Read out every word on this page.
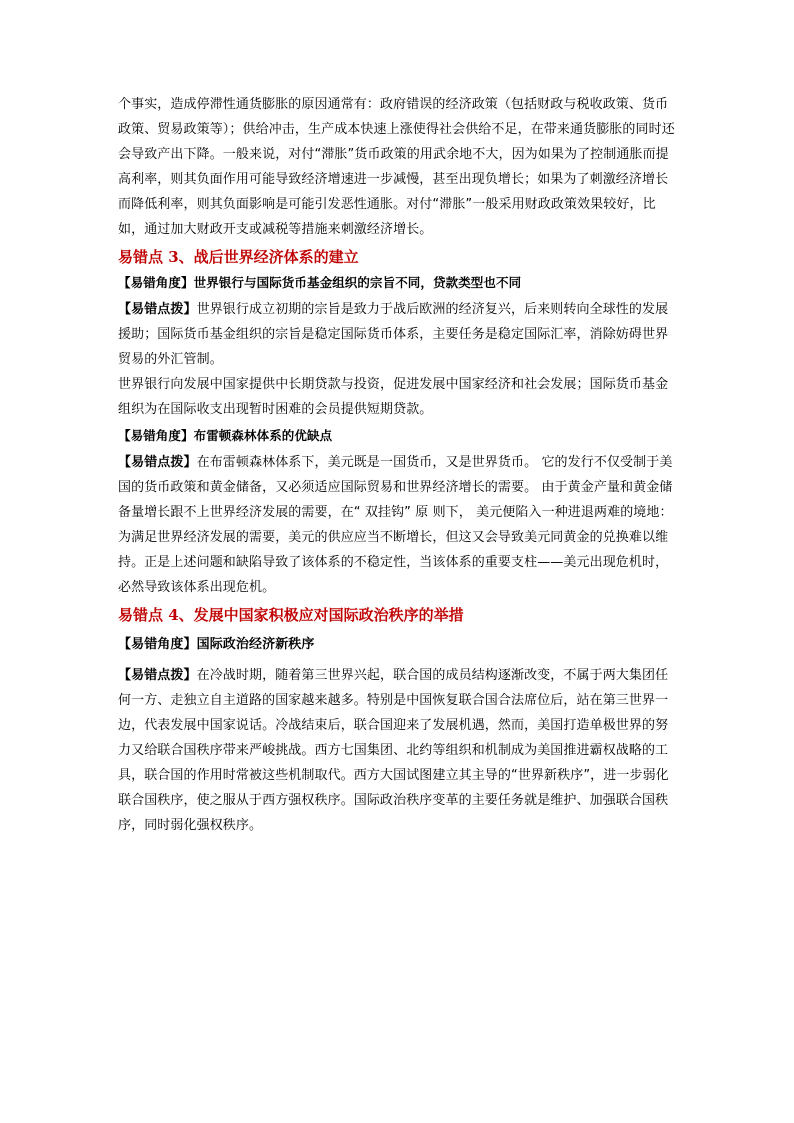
个事实，造成停滞性通货膨胀的原因通常有：政府错误的经济政策（包括财政与税收政策、货币政策、贸易政策等）；供给冲击，生产成本快速上涨使得社会供给不足，在带来通货膨胀的同时还会导致产出下降。一般来说，对付“滞胀”货币政策的用武余地不大，因为如果为了控制通胀而提高利率，则其负面作用可能导致经济增速进一步减慢，甚至出现负增长；如果为了刺激经济增长而降低利率，则其负面影响是可能引发恶性通胀。对付“滞胀”一般采用财政政策效果较好，比如，通过加大财政开支或减税等措施来刺激经济增长。

易错点 3、战后世界经济体系的建立

【易错角度】世界银行与国际货币基金组织的宗旨不同，贷款类型也不同

【易错点拨】世界银行成立初期的宗旨是致力于战后欧洲的经济复兴，后来则转向全球性的发展援助；国际货币基金组织的宗旨是稳定国际货币体系，主要任务是稳定国际汇率，消除妨碍世界贸易的外汇管制。

世界银行向发展中国家提供中长期贷款与投资，促进发展中国家经济和社会发展；国际货币基金组织为在国际收支出现暂时困难的会员提供短期贷款。

【易错角度】布雷顿森林体系的优缺点

【易错点拨】在布雷顿森林体系下，美元既是一国货币，又是世界货币。 它的发行不仅受制于美国的货币政策和黄金储备，又必须适应国际贸易和世界经济增长的需要。 由于黄金产量和黄金储备量增长跟不上世界经济发展的需要，在“ 双挂钩” 原 则下， 美元便陷入一种进退两难的境地：为满足世界经济发展的需要，美元的供应应当不断增长，但这又会导致美元同黄金的兑换难以维持。正是上述问题和缺陷导致了该体系的不稳定性，当该体系的重要支柱——美元出现危机时，必然导致该体系出现危机。

易错点 4、发展中国家积极应对国际政治秩序的举措

【易错角度】国际政治经济新秩序

【易错点拨】在冷战时期，随着第三世界兴起，联合国的成员结构逐渐改变，不属于两大集团任何一方、走独立自主道路的国家越来越多。特别是中国恢复联合国合法席位后，站在第三世界一边，代表发展中国家说话。冷战结束后，联合国迎来了发展机遇，然而，美国打造单极世界的努力又给联合国秩序带来严峻挑战。西方七国集团、北约等组织和机制成为美国推进霸权战略的工具，联合国的作用时常被这些机制取代。西方大国试图建立其主导的“世界新秩序”，进一步弱化联合国秩序，使之服从于西方强权秩序。国际政治秩序变革的主要任务就是维护、加强联合国秩序，同时弱化强权秩序。
